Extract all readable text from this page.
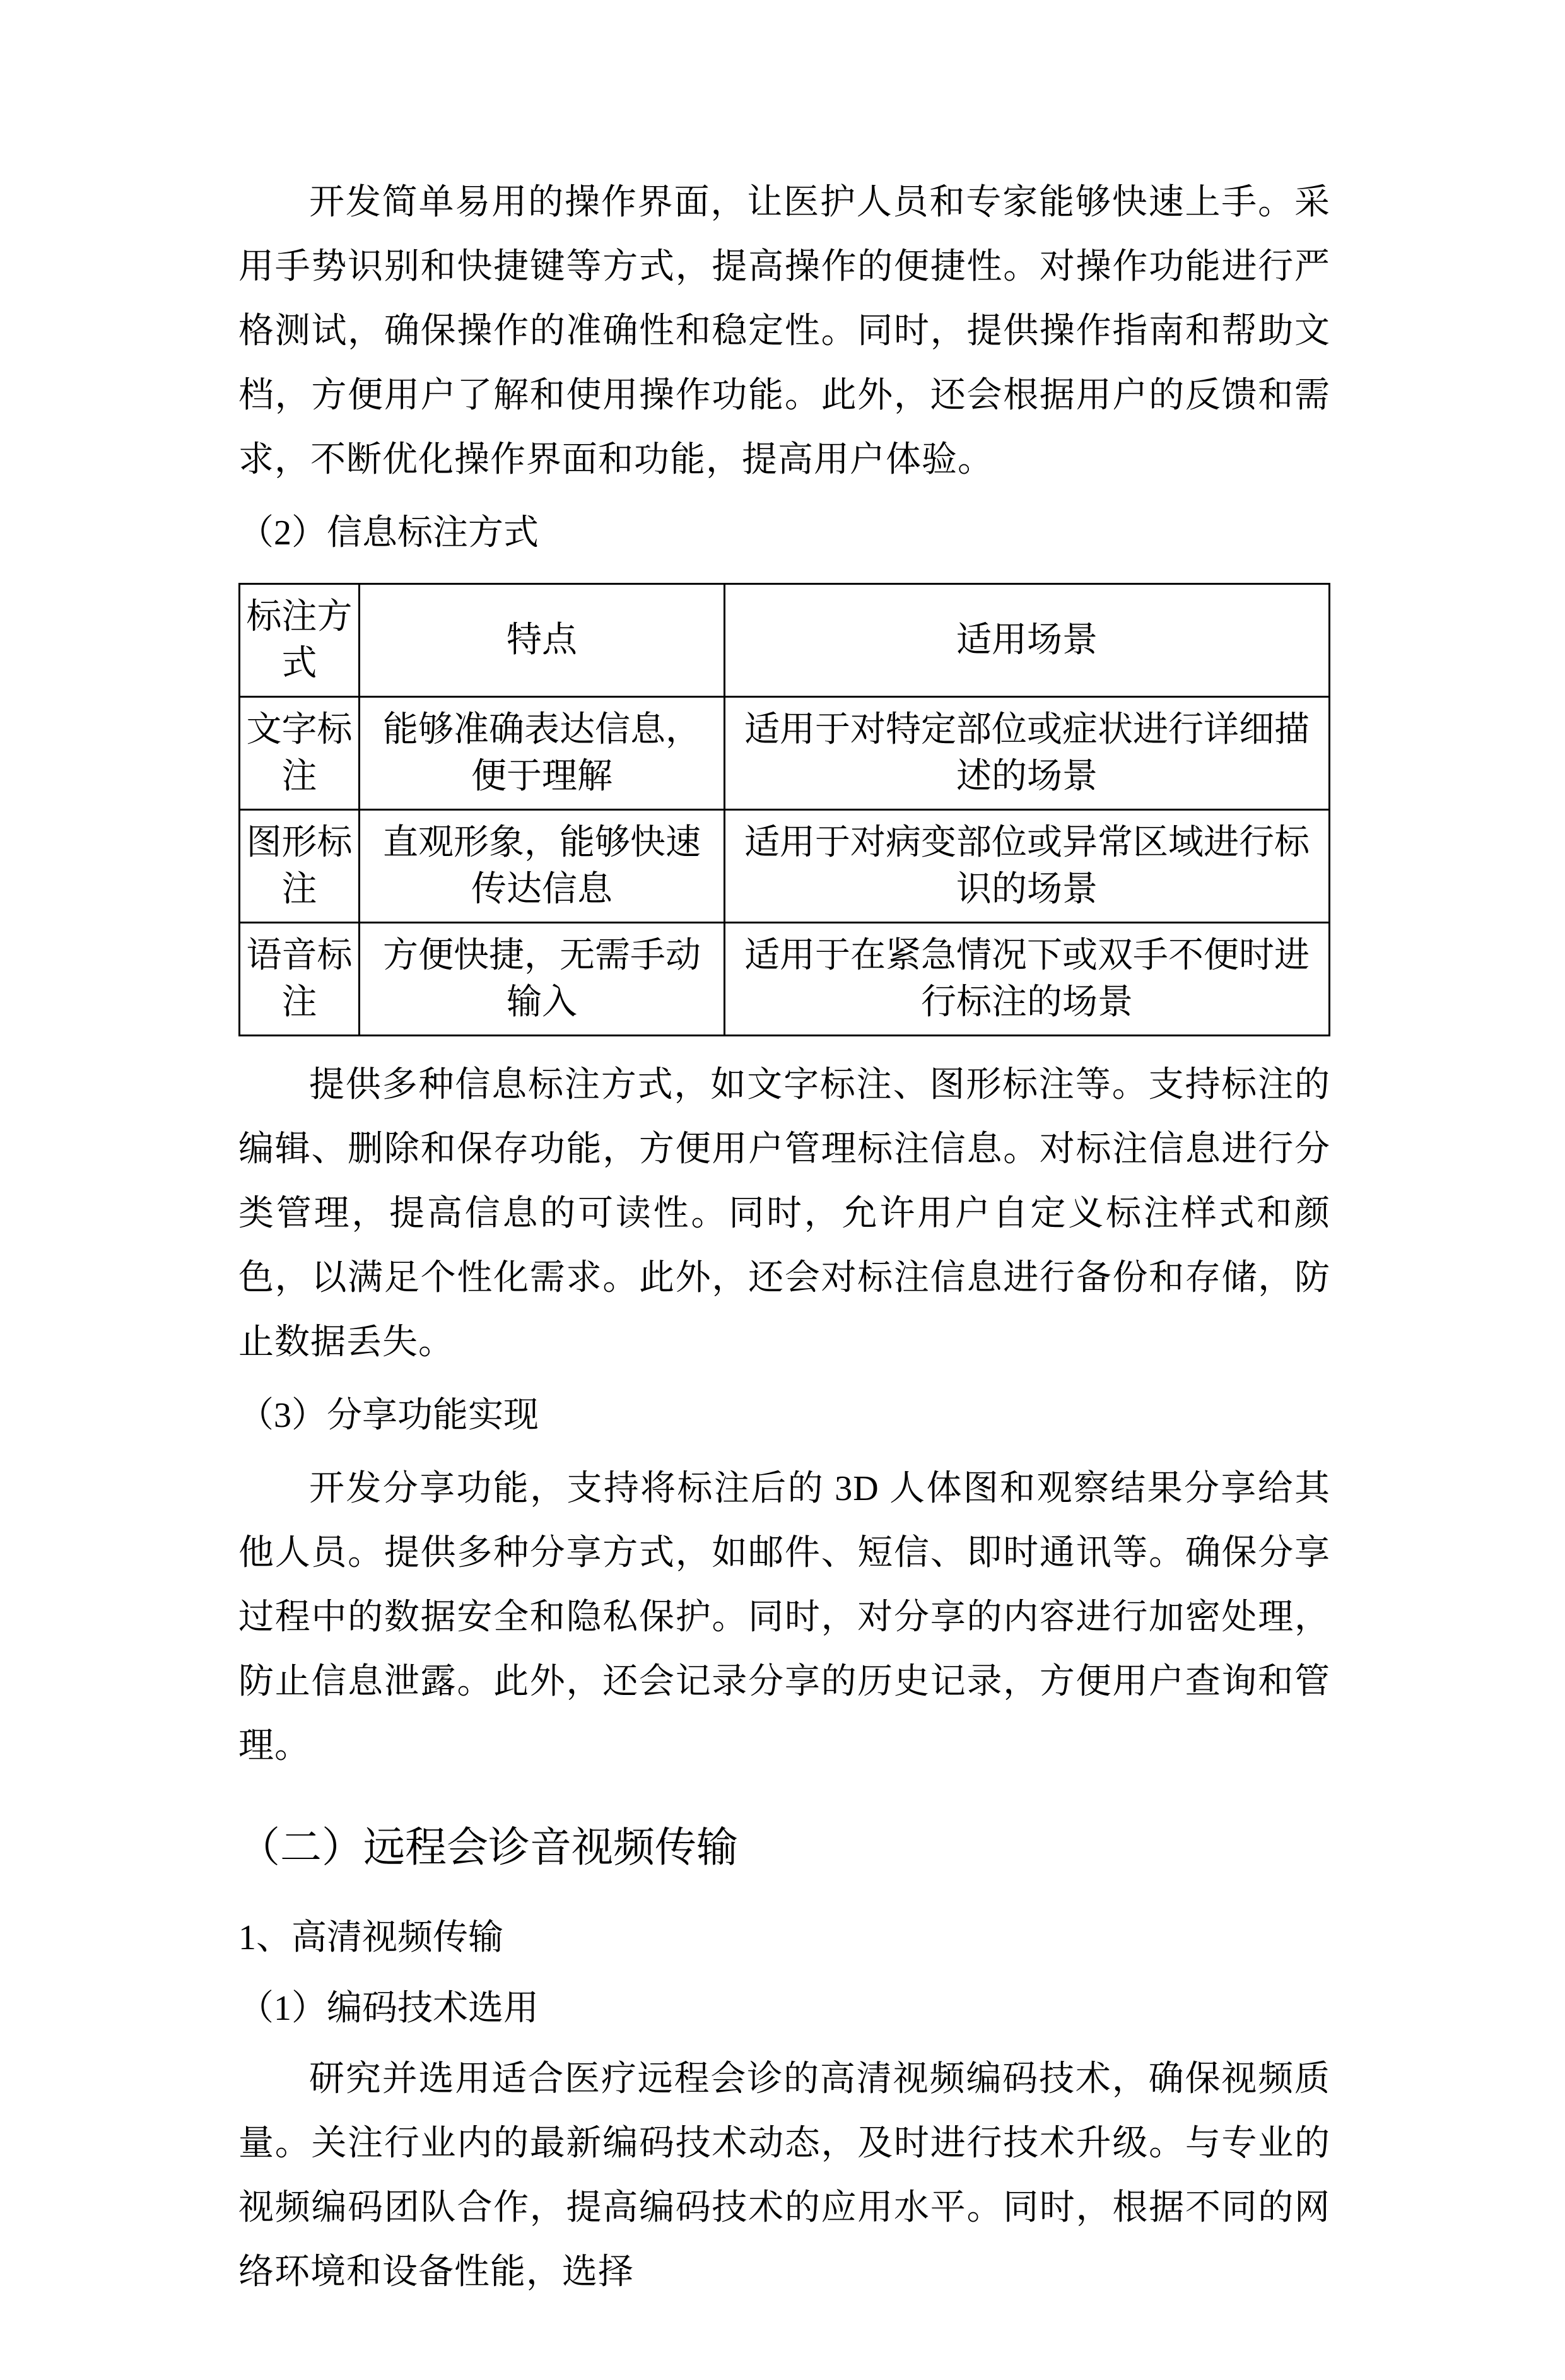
开发简单易用的操作界面，让医护人员和专家能够快速上手。采用手势识别和快捷键等方式，提高操作的便捷性。对操作功能进行严格测试，确保操作的准确性和稳定性。同时，提供操作指南和帮助文档，方便用户了解和使用操作功能。此外，还会根据用户的反馈和需求，不断优化操作界面和功能，提高用户体验。

（2）信息标注方式

标注方式	特点	适用场景
文字标注	能够准确表达信息，便于理解	适用于对特定部位或症状进行详细描述的场景
图形标注	直观形象，能够快速传达信息	适用于对病变部位或异常区域进行标识的场景
语音标注	方便快捷，无需手动输入	适用于在紧急情况下或双手不便时进行标注的场景

提供多种信息标注方式，如文字标注、图形标注等。支持标注的编辑、删除和保存功能，方便用户管理标注信息。对标注信息进行分类管理，提高信息的可读性。同时，允许用户自定义标注样式和颜色，以满足个性化需求。此外，还会对标注信息进行备份和存储，防止数据丢失。

（3）分享功能实现

开发分享功能，支持将标注后的 3D 人体图和观察结果分享给其他人员。提供多种分享方式，如邮件、短信、即时通讯等。确保分享过程中的数据安全和隐私保护。同时，对分享的内容进行加密处理，防止信息泄露。此外，还会记录分享的历史记录，方便用户查询和管理。

（二）远程会诊音视频传输

1、高清视频传输

（1）编码技术选用

研究并选用适合医疗远程会诊的高清视频编码技术，确保视频质量。关注行业内的最新编码技术动态，及时进行技术升级。与专业的视频编码团队合作，提高编码技术的应用水平。同时，根据不同的网络环境和设备性能，选择
